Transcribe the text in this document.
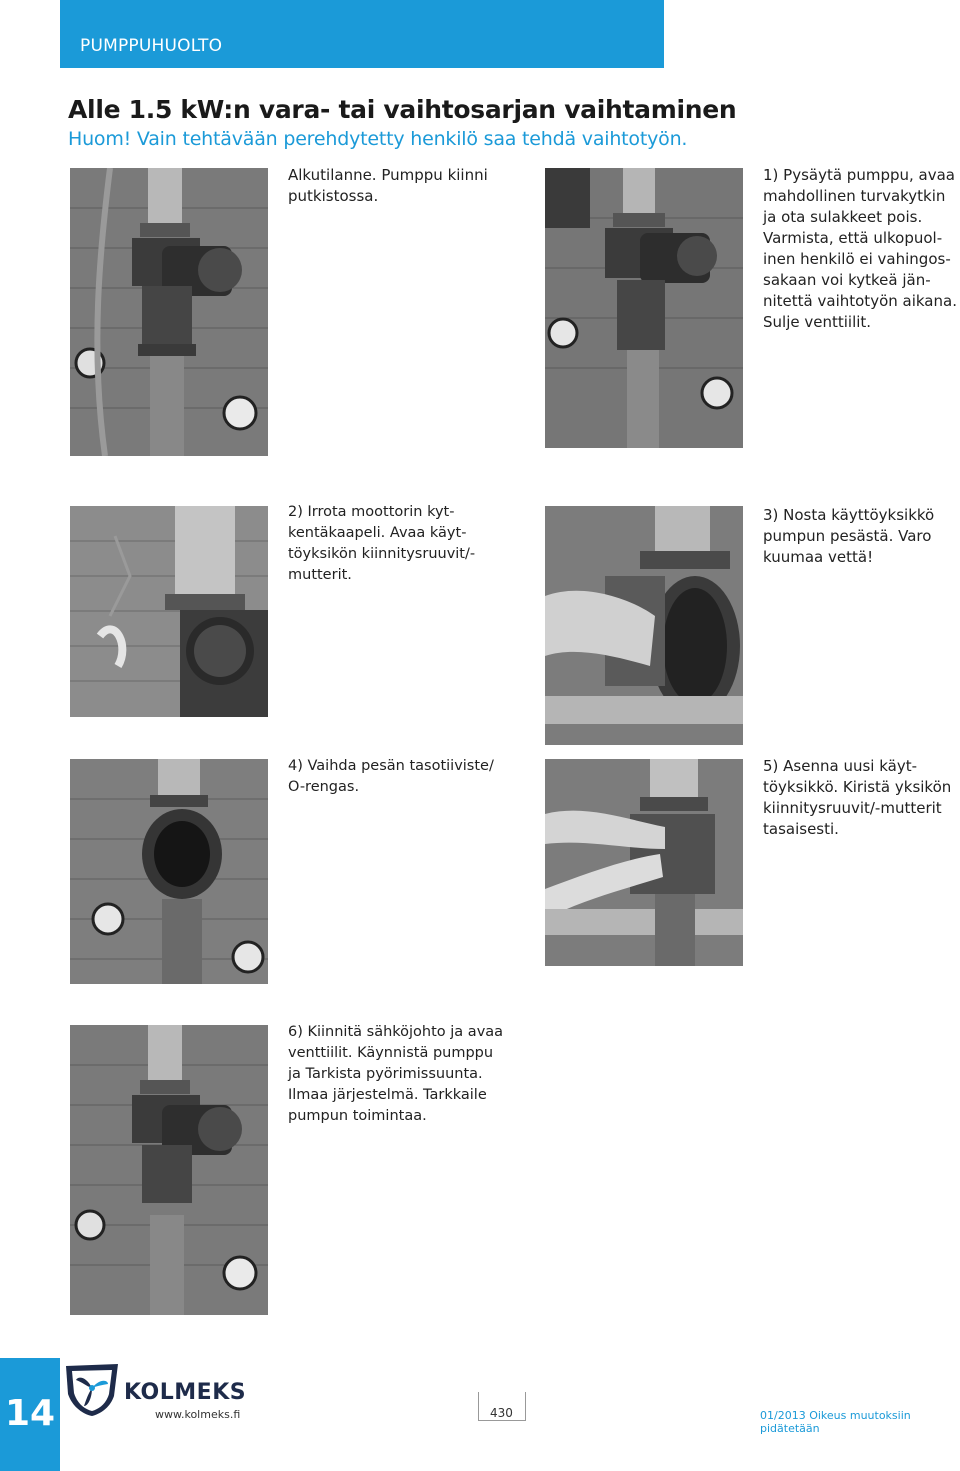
PUMPPUHUOLTO
Alle 1.5 kW:n vara- tai vaihtosarjan vaihtaminen

Huom! Vain tehtävään perehdytetty henkilö saa tehdä vaihtotyön.

Alkutilanne. Pumppu kiinni
putkistossa.

1) Pysäytä pumppu, avaa
mahdollinen turvakytkin
ja ota sulakkeet pois.
Varmista, että ulkopuol-
inen henkilö ei vahingos-
sakaan voi kytkeä jän-
nitettä vaihtotyön aikana.
Sulje venttiilit.

2) Irrota moottorin kyt-
kentäkaapeli. Avaa käyt-
töyksikön kiinnitysruuvit/-
mutterit.

3) Nosta käyttöyksikkö
pumpun pesästä. Varo
kuumaa vettä!

4) Vaihda pesän tasotiiviste/
O-rengas.

5) Asenna uusi käyt-
töyksikkö. Kiristä yksikön
kiinnitysruuvit/-mutterit
tasaisesti.

6) Kiinnitä sähköjohto ja avaa
venttiilit. Käynnistä pumppu
ja Tarkista pyörimissuunta.
Ilmaa järjestelmä. Tarkkaile
pumpun toimintaa.

14
KOLMEKS
www.kolmeks.fi	430	01/2013 Oikeus muutoksiin pidätetään
